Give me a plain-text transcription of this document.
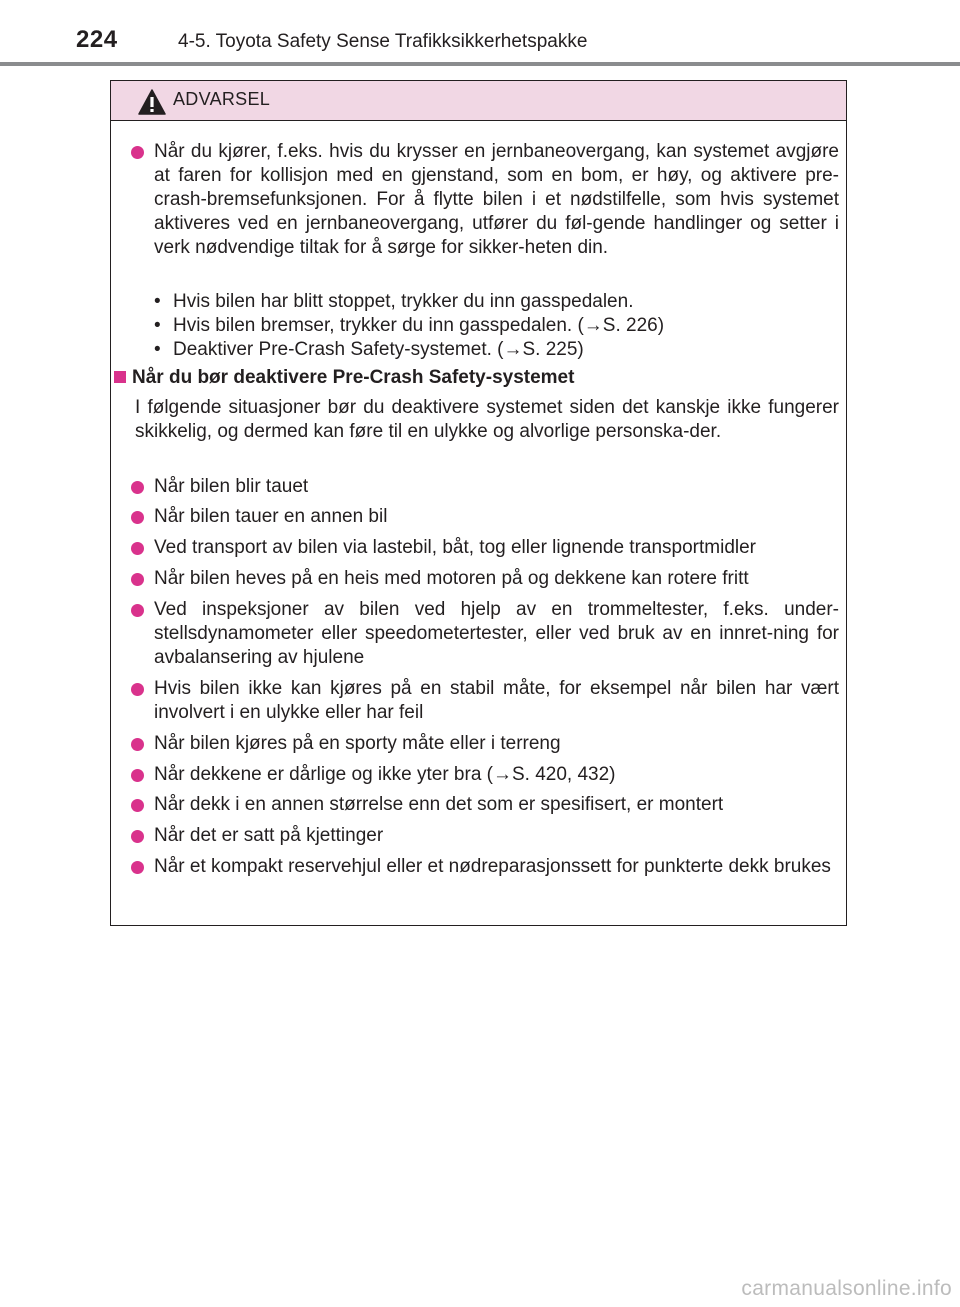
224	4-5. Toyota Safety Sense Trafikksikkerhetspakke
ADVARSEL
Når du kjører, f.eks. hvis du krysser en jernbaneovergang, kan systemet avgjøre at faren for kollisjon med en gjenstand, som en bom, er høy, og aktivere pre-crash-bremsefunksjonen. For å flytte bilen i et nødstilfelle, som hvis systemet aktiveres ved en jernbaneovergang, utfører du føl-gende handlinger og setter i verk nødvendige tiltak for å sørge for sikker-heten din.
• Hvis bilen har blitt stoppet, trykker du inn gasspedalen.
• Hvis bilen bremser, trykker du inn gasspedalen. (→S. 226)
• Deaktiver Pre-Crash Safety-systemet. (→S. 225)
Når du bør deaktivere Pre-Crash Safety-systemet
I følgende situasjoner bør du deaktivere systemet siden det kanskje ikke fungerer skikkelig, og dermed kan føre til en ulykke og alvorlige personska-der.
Når bilen blir tauet
Når bilen tauer en annen bil
Ved transport av bilen via lastebil, båt, tog eller lignende transportmidler
Når bilen heves på en heis med motoren på og dekkene kan rotere fritt
Ved inspeksjoner av bilen ved hjelp av en trommeltester, f.eks. under-stellsdynamometer eller speedometertester, eller ved bruk av en innret-ning for avbalansering av hjulene
Hvis bilen ikke kan kjøres på en stabil måte, for eksempel når bilen har vært involvert i en ulykke eller har feil
Når bilen kjøres på en sporty måte eller i terreng
Når dekkene er dårlige og ikke yter bra (→S. 420, 432)
Når dekk i en annen størrelse enn det som er spesifisert, er montert
Når det er satt på kjettinger
Når et kompakt reservehjul eller et nødreparasjonssett for punkterte dekk brukes
carmanualsonline.info
